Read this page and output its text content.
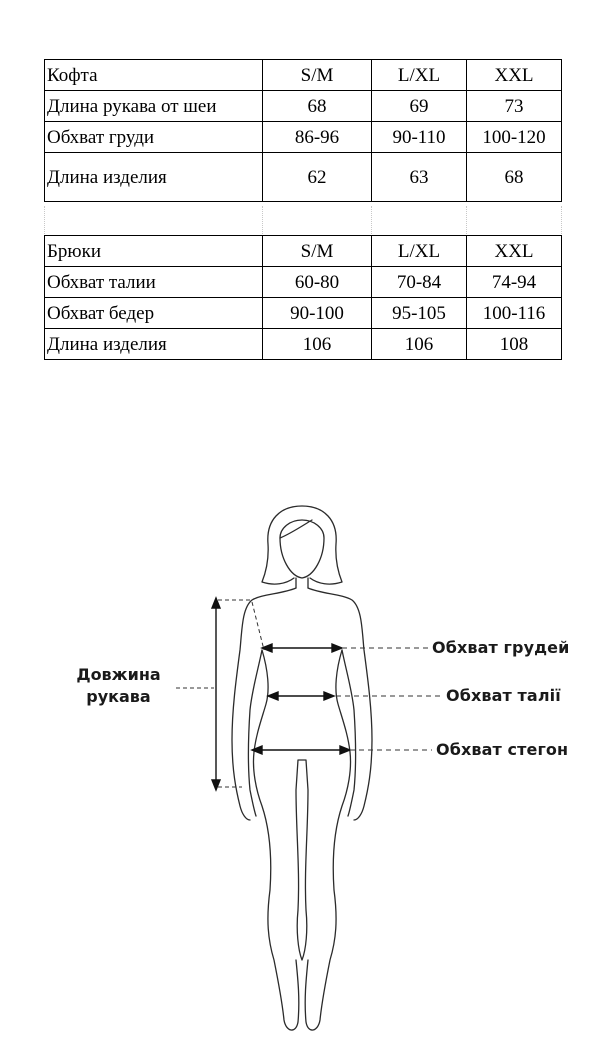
Кофта	S/M	L/XL	XXL
Длина рукава от шеи	68	69	73
Обхват груди	86-96	90-110	100-120
Длина изделия	62	63	68
Брюки	S/M	L/XL	XXL
Обхват талии	60-80	70-84	74-94
Обхват бедер	90-100	95-105	100-116
Длина изделия	106	106	108
Довжина
рукава
Обхват грудей
Обхват талії
Обхват стегон
